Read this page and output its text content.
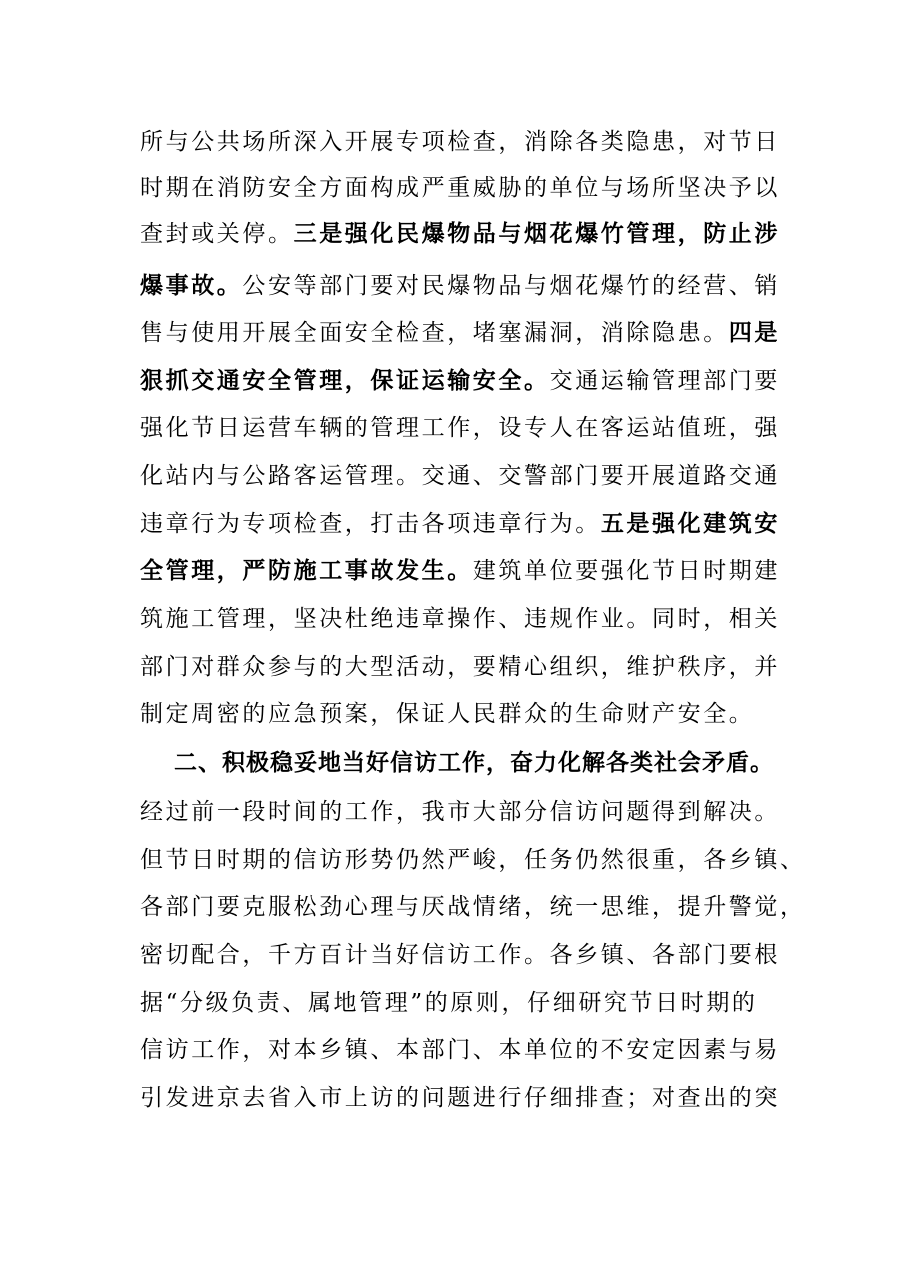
所与公共场所深入开展专项检查，消除各类隐患，对节日
时期在消防安全方面构成严重威胁的单位与场所坚决予以
查封或关停。三是强化民爆物品与烟花爆竹管理，防止涉
爆事故。公安等部门要对民爆物品与烟花爆竹的经营、销
售与使用开展全面安全检查，堵塞漏洞，消除隐患。四是
狠抓交通安全管理，保证运输安全。交通运输管理部门要
强化节日运营车辆的管理工作，设专人在客运站值班，强
化站内与公路客运管理。交通、交警部门要开展道路交通
违章行为专项检查，打击各项违章行为。五是强化建筑安
全管理，严防施工事故发生。建筑单位要强化节日时期建
筑施工管理，坚决杜绝违章操作、违规作业。同时，相关
部门对群众参与的大型活动，要精心组织，维护秩序，并
制定周密的应急预案，保证人民群众的生命财产安全。
二、积极稳妥地当好信访工作，奋力化解各类社会矛盾。
经过前一段时间的工作，我市大部分信访问题得到解决。
但节日时期的信访形势仍然严峻，任务仍然很重，各乡镇、
各部门要克服松劲心理与厌战情绪，统一思维，提升警觉，
密切配合，千方百计当好信访工作。各乡镇、各部门要根
据“分级负责、属地管理”的原则，仔细研究节日时期的
信访工作，对本乡镇、本部门、本单位的不安定因素与易
引发进京去省入市上访的问题进行仔细排查；对查出的突
